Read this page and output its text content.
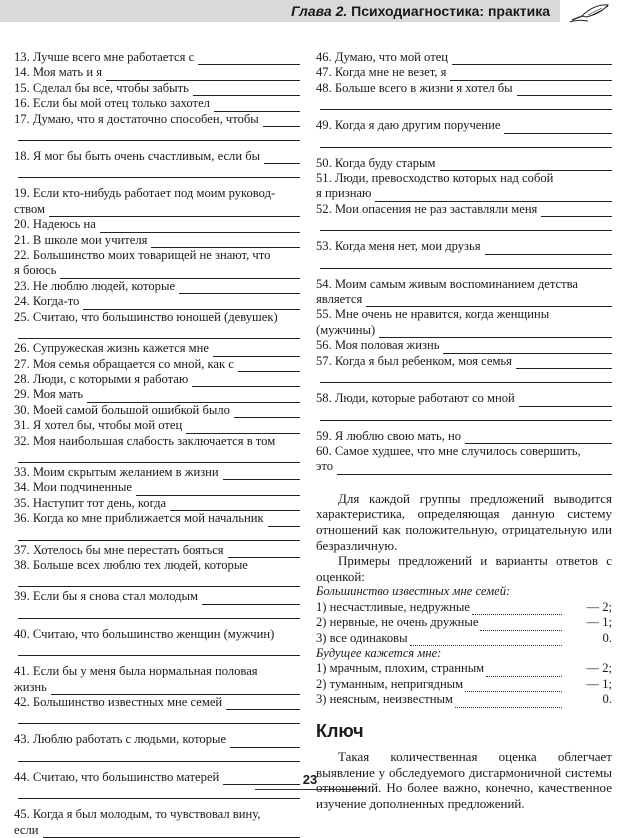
Глава 2. Психодиагностика: практика
13. Лучше всего мне работается с
14. Моя мать и я
15. Сделал бы все, чтобы забыть
16. Если бы мой отец только захотел
17. Думаю, что я достаточно способен, чтобы
18. Я мог бы быть очень счастливым, если бы
19. Если кто-нибудь работает под моим руковод-
ством
20. Надеюсь на
21. В школе мои учителя
22. Большинство моих товарищей не знают, что
я боюсь
23. Не люблю людей, которые
24. Когда-то
25. Считаю, что большинство юношей (девушек)
26. Супружеская жизнь кажется мне
27. Моя семья обращается со мной, как с
28. Люди, с которыми я работаю
29. Моя мать
30. Моей самой большой ошибкой было
31. Я хотел бы, чтобы мой отец
32. Моя наибольшая слабость заключается в том
33. Моим скрытым желанием в жизни
34. Мои подчиненные
35. Наступит тот день, когда
36. Когда ко мне приближается мой начальник
37. Хотелось бы мне перестать бояться
38. Больше всех люблю тех людей, которые
39. Если бы я снова стал молодым
40. Считаю, что большинство женщин (мужчин)
41. Если бы у меня была нормальная половая
жизнь
42. Большинство известных мне семей
43. Люблю работать с людьми, которые
44. Считаю, что большинство матерей
45. Когда я был молодым, то чувствовал вину,
если
46. Думаю, что мой отец
47. Когда мне не везет, я
48. Больше всего в жизни я хотел бы
49. Когда я даю другим поручение
50. Когда буду старым
51. Люди, превосходство которых над собой
я признаю
52. Мои опасения не раз заставляли меня
53. Когда меня нет, мои друзья
54. Моим самым живым воспоминанием детства
является
55. Мне очень не нравится, когда женщины
(мужчины)
56. Моя половая жизнь
57. Когда я был ребенком, моя семья
58. Люди, которые работают со мной
59. Я люблю свою мать, но
60. Самое худшее, что мне случилось совершить,
это
Для каждой группы предложений выводится характеристика, определяющая данную систему отношений как положительную, отрицательную или безразличную.
Примеры предложений и варианты ответов с оценкой:
Большинство известных мне семей:
1) несчастливые, недружные	— 2;
2) нервные, не очень дружные	— 1;
3) все одинаковы	0.
Будущее кажется мне:
1) мрачным, плохим, странным	— 2;
2) туманным, непригядным	— 1;
3) неясным, неизвестным	0.
Ключ
Такая количественная оценка облегчает выявление у обследуемого дисгармоничной системы отношений. Но более важно, конечно, качественное изучение дополненных предложений.
23
